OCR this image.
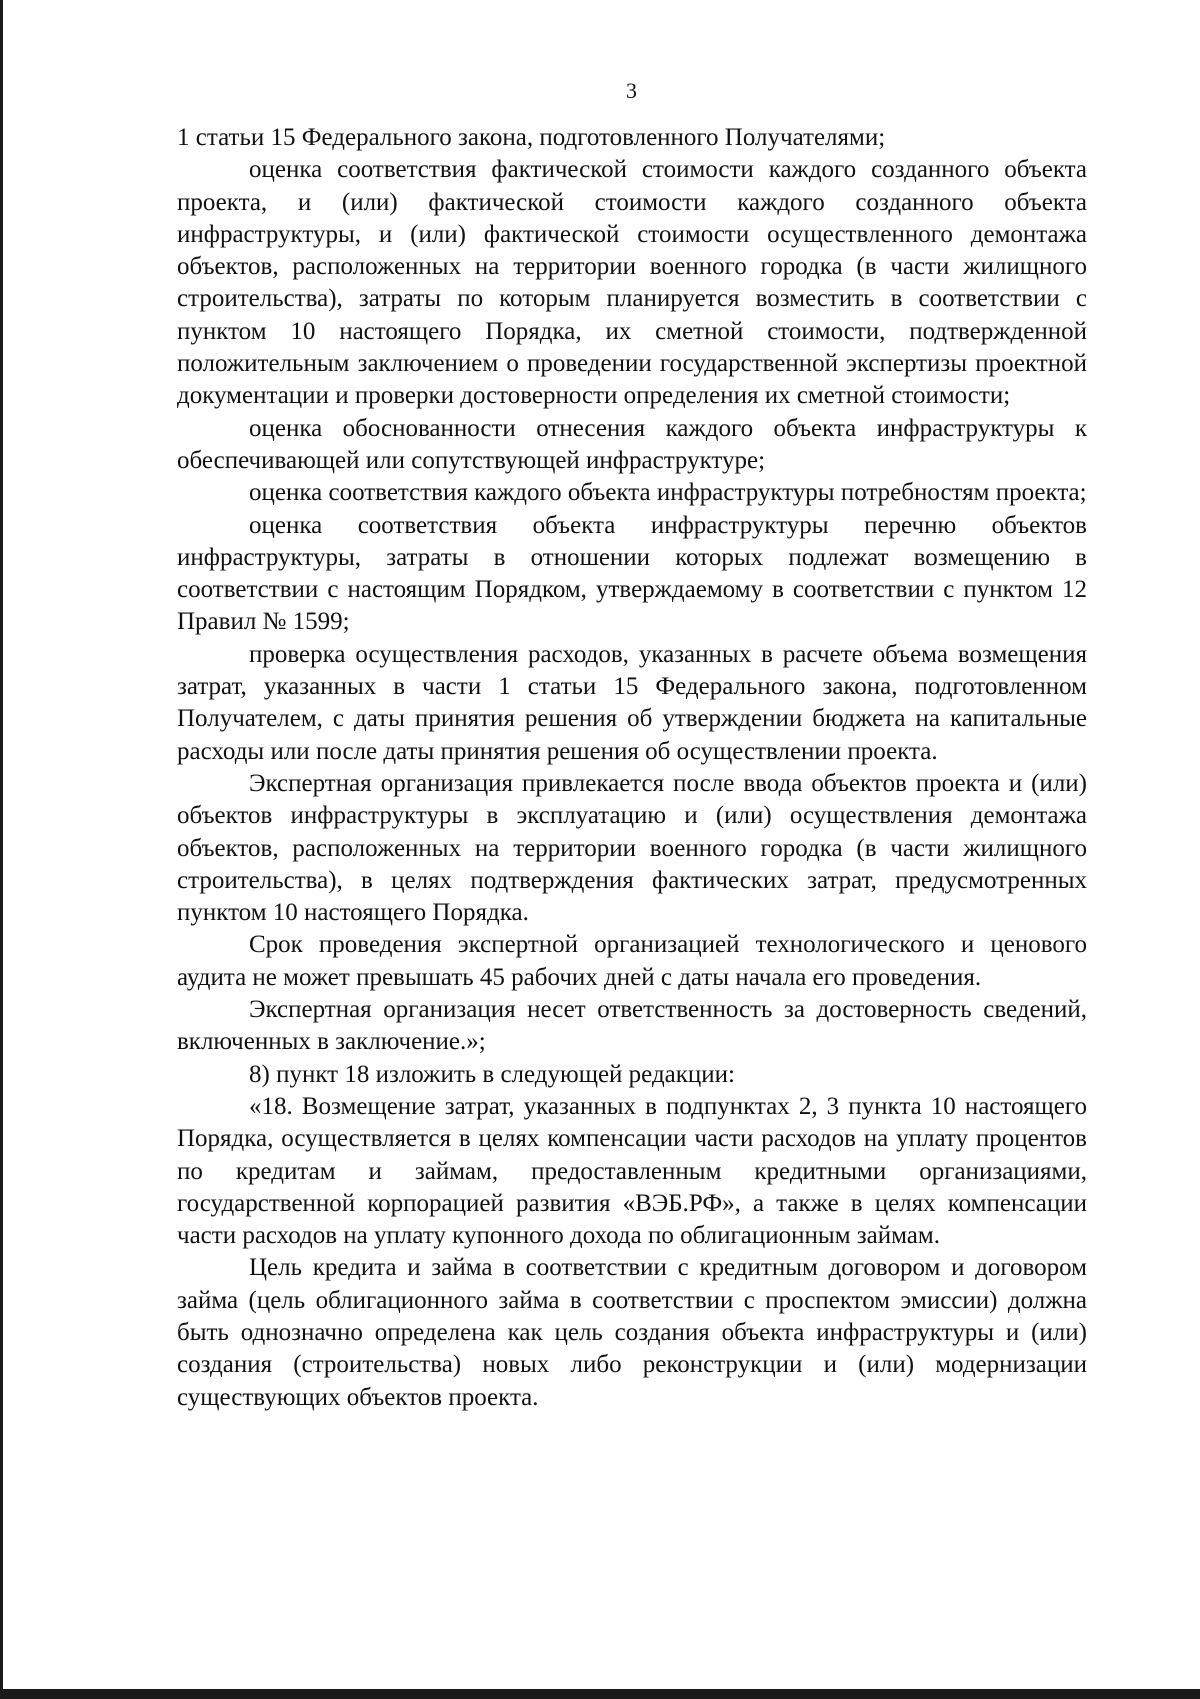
3

1 статьи 15 Федерального закона, подготовленного Получателями;

оценка соответствия фактической стоимости каждого созданного объекта проекта, и (или) фактической стоимости каждого созданного объекта инфраструктуры, и (или) фактической стоимости осуществленного демонтажа объектов, расположенных на территории военного городка (в части жилищного строительства), затраты по которым планируется возместить в соответствии с пунктом 10 настоящего Порядка, их сметной стоимости, подтвержденной положительным заключением о проведении государственной экспертизы проектной документации и проверки достоверности определения их сметной стоимости;

оценка обоснованности отнесения каждого объекта инфраструктуры к обеспечивающей или сопутствующей инфраструктуре;

оценка соответствия каждого объекта инфраструктуры потребностям проекта;

оценка соответствия объекта инфраструктуры перечню объектов инфраструктуры, затраты в отношении которых подлежат возмещению в соответствии с настоящим Порядком, утверждаемому в соответствии с пунктом 12 Правил № 1599;

проверка осуществления расходов, указанных в расчете объема возмещения затрат, указанных в части 1 статьи 15 Федерального закона, подготовленном Получателем, с даты принятия решения об утверждении бюджета на капитальные расходы или после даты принятия решения об осуществлении проекта.

Экспертная организация привлекается после ввода объектов проекта и (или) объектов инфраструктуры в эксплуатацию и (или) осуществления демонтажа объектов, расположенных на территории военного городка (в части жилищного строительства), в целях подтверждения фактических затрат, предусмотренных пунктом 10 настоящего Порядка.

Срок проведения экспертной организацией технологического и ценового аудита не может превышать 45 рабочих дней с даты начала его проведения.

Экспертная организация несет ответственность за достоверность сведений, включенных в заключение.»;

8) пункт 18 изложить в следующей редакции:

«18. Возмещение затрат, указанных в подпунктах 2, 3 пункта 10 настоящего Порядка, осуществляется в целях компенсации части расходов на уплату процентов по кредитам и займам, предоставленным кредитными организациями, государственной корпорацией развития «ВЭБ.РФ», а также в целях компенсации части расходов на уплату купонного дохода по облигационным займам.

Цель кредита и займа в соответствии с кредитным договором и договором займа (цель облигационного займа в соответствии с проспектом эмиссии) должна быть однозначно определена как цель создания объекта инфраструктуры и (или) создания (строительства) новых либо реконструкции и (или) модернизации существующих объектов проекта.
